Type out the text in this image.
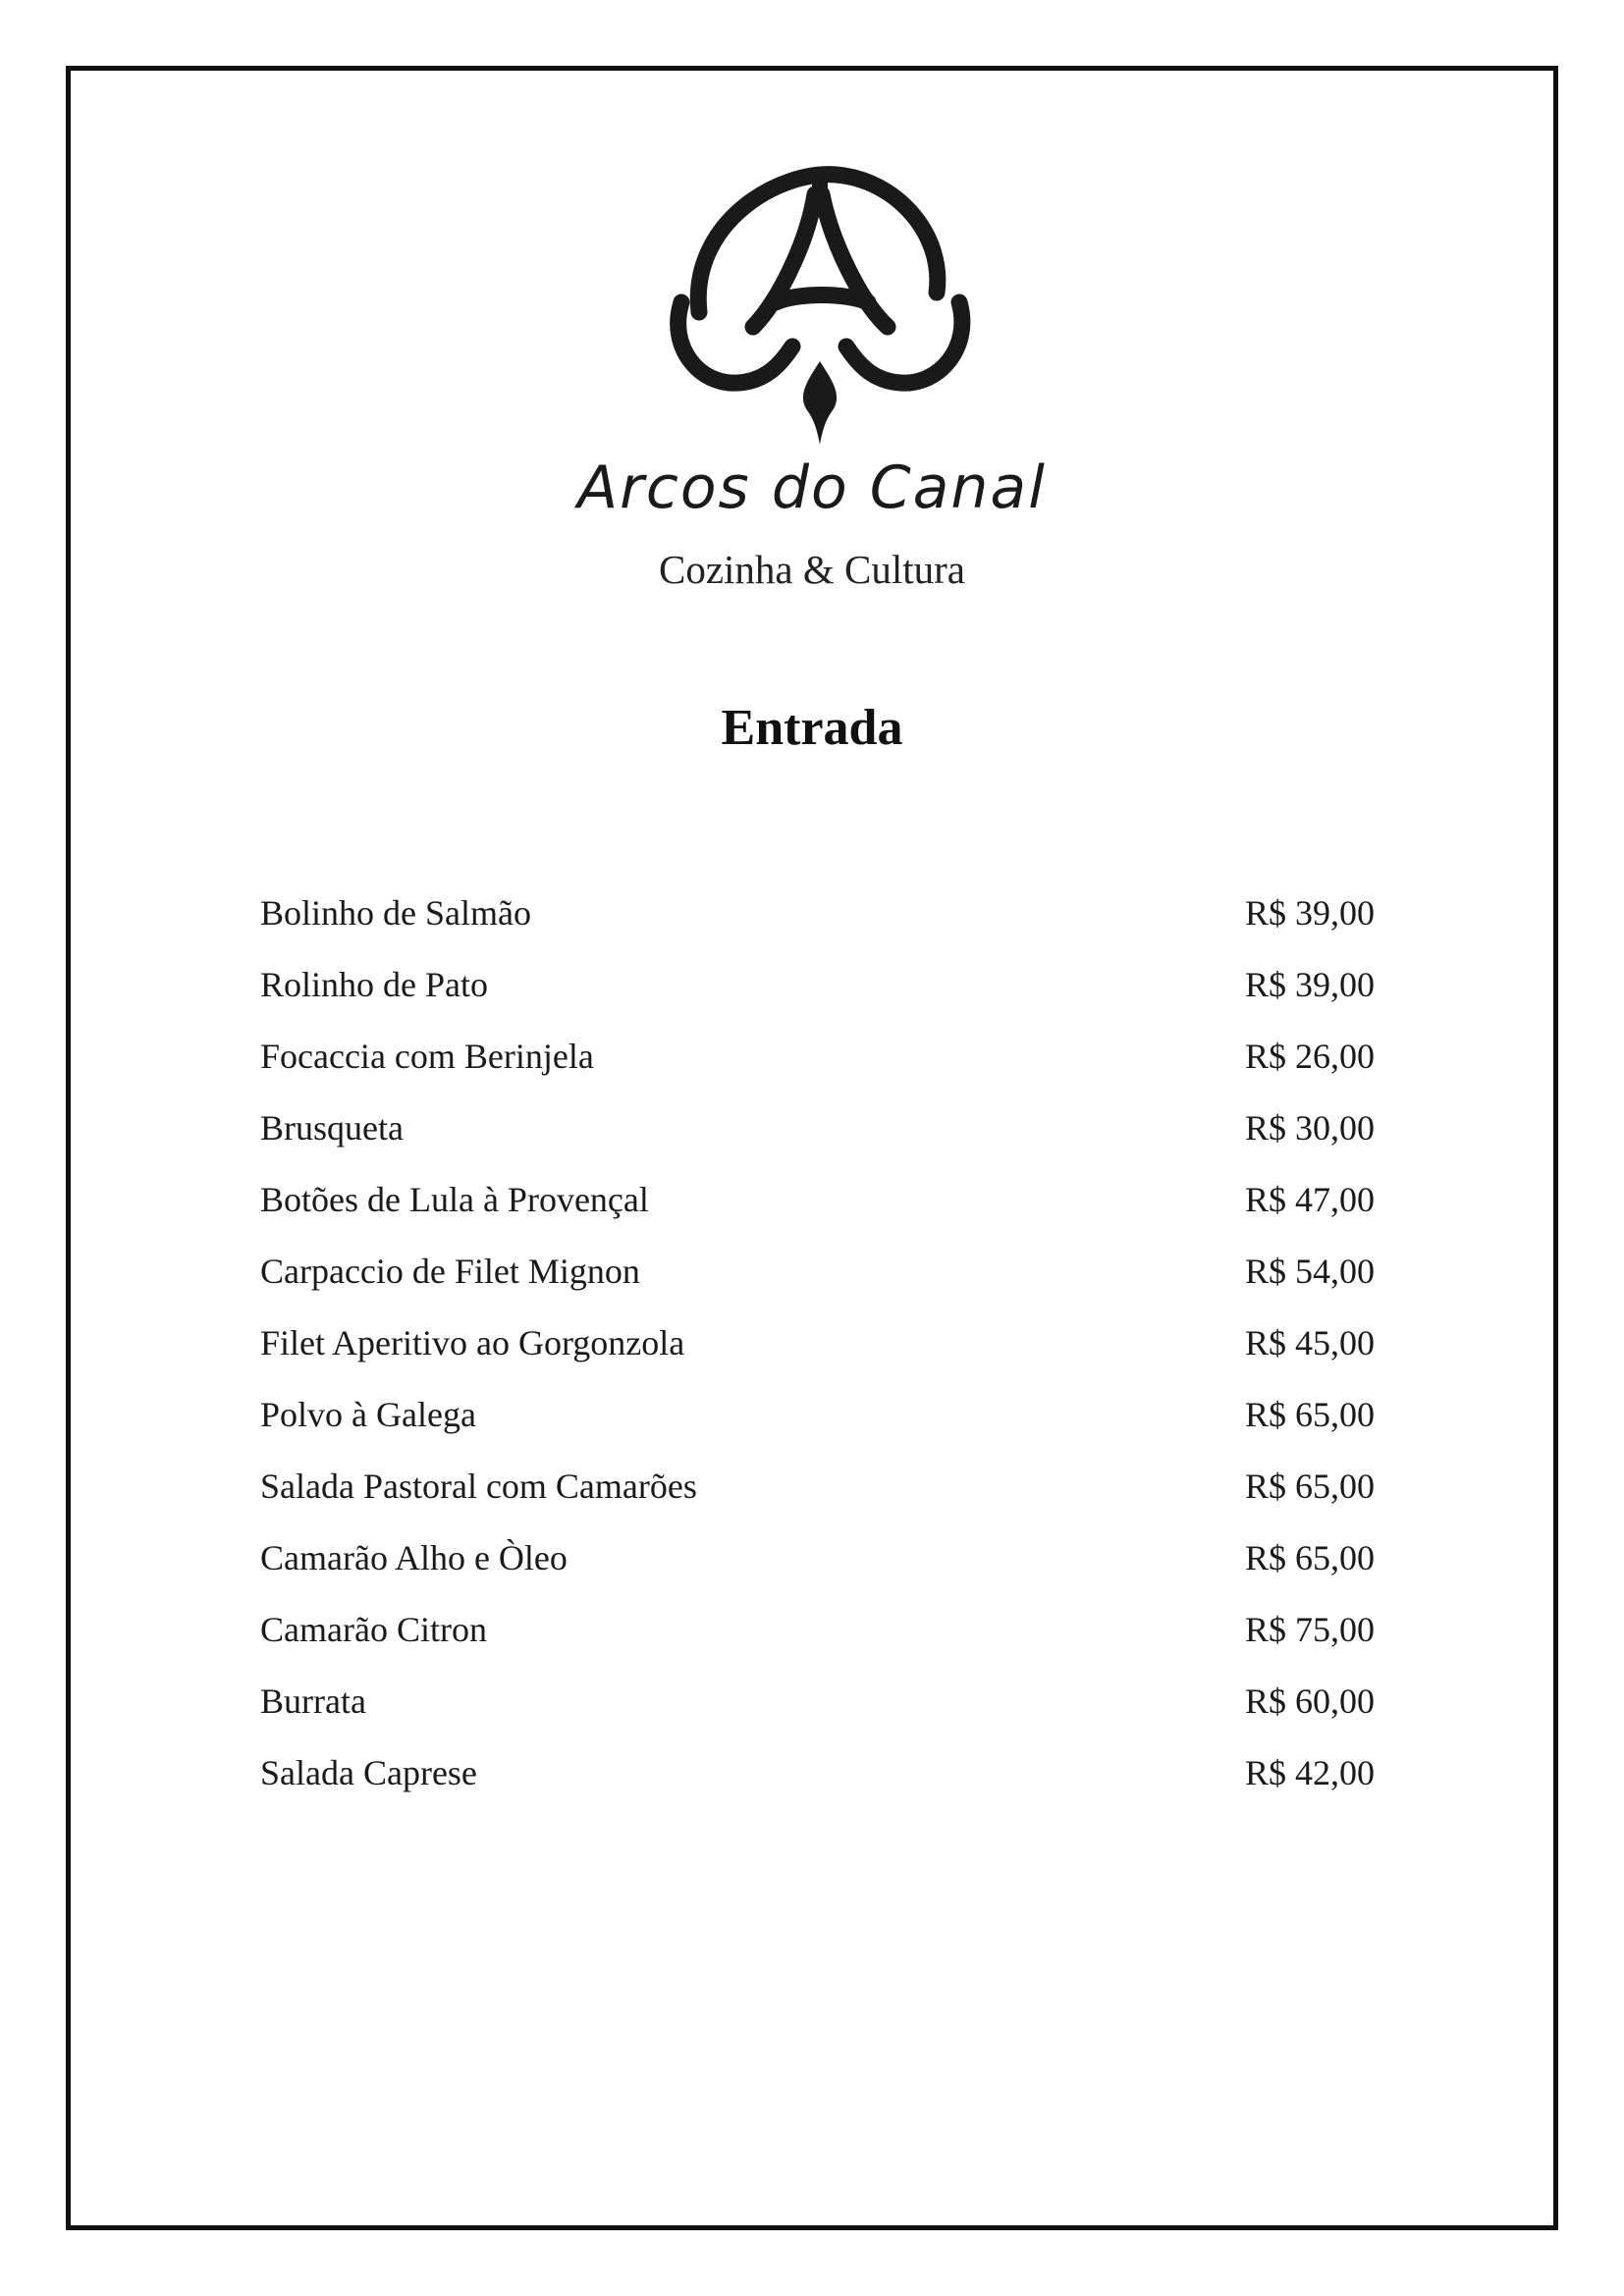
Arcos do Canal
Cozinha & Cultura
Entrada
Bolinho de Salmão	R$ 39,00
Rolinho de Pato	R$ 39,00
Focaccia com Berinjela	R$ 26,00
Brusqueta	R$ 30,00
Botões de Lula à Provençal	R$ 47,00
Carpaccio de Filet Mignon	R$ 54,00
Filet Aperitivo ao Gorgonzola	R$ 45,00
Polvo à Galega	R$ 65,00
Salada Pastoral com Camarões	R$ 65,00
Camarão Alho e Òleo	R$ 65,00
Camarão Citron	R$ 75,00
Burrata	R$ 60,00
Salada Caprese	R$ 42,00
